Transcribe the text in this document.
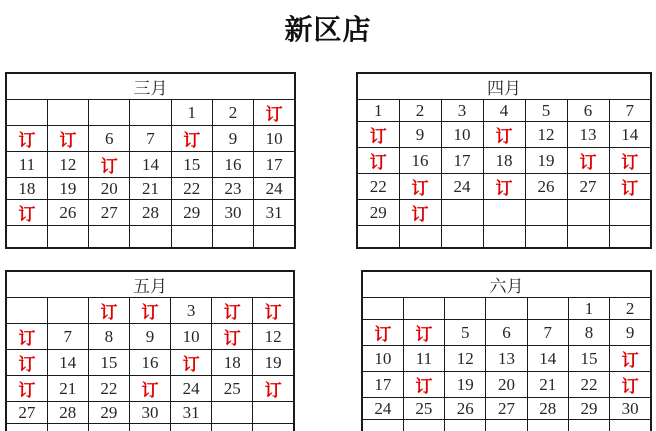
新区店
三月						
				1	2	订
订	订	6	7	订	9	10
11	12	订	14	15	16	17
18	19	20	21	22	23	24
订	26	27	28	29	30	31

四月						
1	2	3	4	5	6	7
订	9	10	订	12	13	14
订	16	17	18	19	订	订
22	订	24	订	26	27	订
29	订					

五月						
		订	订	3	订	订
订	7	8	9	10	订	12
订	14	15	16	订	18	19
订	21	22	订	24	25	订
27	28	29	30	31		

六月						
					1	2
订	订	5	6	7	8	9
10	11	12	13	14	15	订
17	订	19	20	21	22	订
24	25	26	27	28	29	30
